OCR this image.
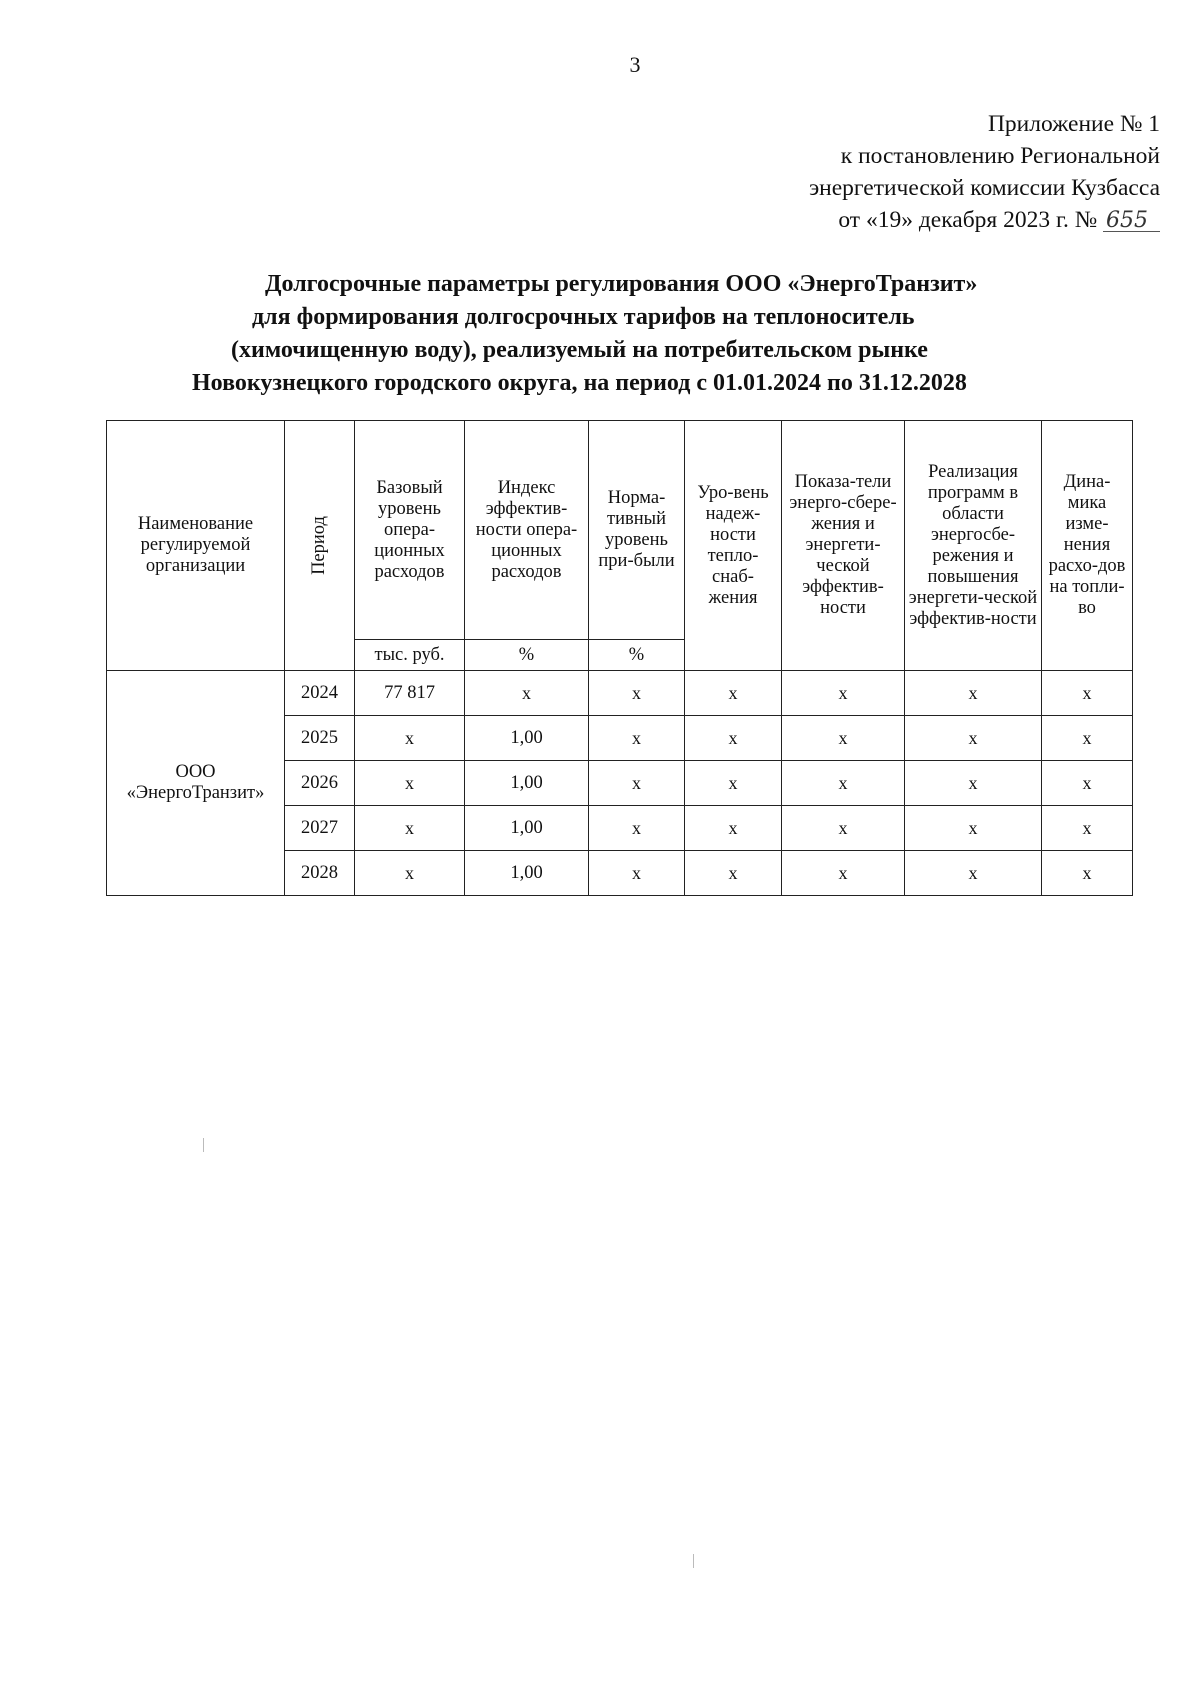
3
Приложение № 1
к постановлению Региональной
энергетической комиссии Кузбасса
от «19» декабря 2023 г. № 655
Долгосрочные параметры регулирования ООО «ЭнергоТранзит»
для формирования долгосрочных тарифов на теплоноситель
(химочищенную воду), реализуемый на потребительском рынке
Новокузнецкого городского округа, на период с 01.01.2024 по 31.12.2028
Наименование регулируемой организации	Период	Базовый уровень опера-ционных расходов	Индекс эффектив-ности опера-ционных расходов	Норма-тивный уровень при-были	Уро-вень надеж-ности тепло-снаб-жения	Показа-тели энерго-сбере-жения и энергети-ческой эффектив-ности	Реализация программ в области энергосбе-режения и повышения энергети-ческой эффектив-ности	Дина-мика изме-нения расхо-дов на топли-во
		тыс. руб.	%	%				
ООО «ЭнергоТранзит»	2024	77 817	х	х	х	х	х	х
	2025	х	1,00	х	х	х	х	х
	2026	х	1,00	х	х	х	х	х
	2027	х	1,00	х	х	х	х	х
	2028	х	1,00	х	х	х	х	х
